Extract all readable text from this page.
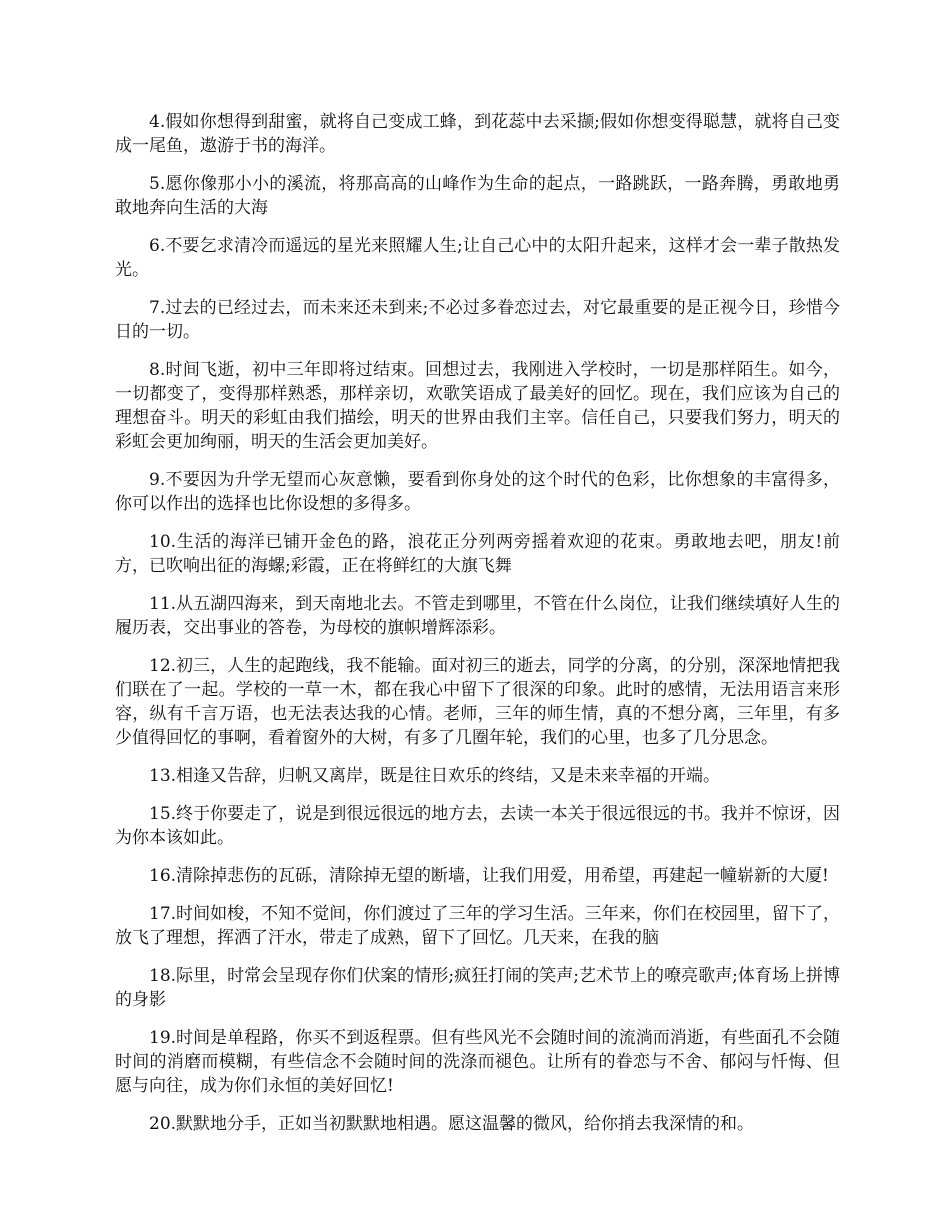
4.假如你想得到甜蜜，就将自己变成工蜂，到花蕊中去采撷;假如你想变得聪慧，就将自己变成一尾鱼，遨游于书的海洋。

5.愿你像那小小的溪流，将那高高的山峰作为生命的起点，一路跳跃，一路奔腾，勇敢地勇敢地奔向生活的大海

6.不要乞求清冷而遥远的星光来照耀人生;让自己心中的太阳升起来，这样才会一辈子散热发光。

7.过去的已经过去，而未来还未到来;不必过多眷恋过去，对它最重要的是正视今日，珍惜今日的一切。

8.时间飞逝，初中三年即将过结束。回想过去，我刚进入学校时，一切是那样陌生。如今，一切都变了，变得那样熟悉，那样亲切，欢歌笑语成了最美好的回忆。现在，我们应该为自己的理想奋斗。明天的彩虹由我们描绘，明天的世界由我们主宰。信任自己，只要我们努力，明天的彩虹会更加绚丽，明天的生活会更加美好。

9.不要因为升学无望而心灰意懒，要看到你身处的这个时代的色彩，比你想象的丰富得多，你可以作出的选择也比你设想的多得多。

10.生活的海洋已铺开金色的路，浪花正分列两旁摇着欢迎的花束。勇敢地去吧，朋友!前方，已吹响出征的海螺;彩霞，正在将鲜红的大旗飞舞

11.从五湖四海来，到天南地北去。不管走到哪里，不管在什么岗位，让我们继续填好人生的履历表，交出事业的答卷，为母校的旗帜增辉添彩。

12.初三，人生的起跑线，我不能输。面对初三的逝去，同学的分离，的分别，深深地情把我们联在了一起。学校的一草一木，都在我心中留下了很深的印象。此时的感情，无法用语言来形容，纵有千言万语，也无法表达我的心情。老师，三年的师生情，真的不想分离，三年里，有多少值得回忆的事啊，看着窗外的大树，有多了几圈年轮，我们的心里，也多了几分思念。

13.相逢又告辞，归帆又离岸，既是往日欢乐的终结，又是未来幸福的开端。

15.终于你要走了，说是到很远很远的地方去，去读一本关于很远很远的书。我并不惊讶，因为你本该如此。

16.清除掉悲伤的瓦砾，清除掉无望的断墙，让我们用爱，用希望，再建起一幢崭新的大厦!

17.时间如梭，不知不觉间，你们渡过了三年的学习生活。三年来，你们在校园里，留下了，放飞了理想，挥洒了汗水，带走了成熟，留下了回忆。几天来，在我的脑

18.际里，时常会呈现存你们伏案的情形;疯狂打闹的笑声;艺术节上的嘹亮歌声;体育场上拼博的身影

19.时间是单程路，你买不到返程票。但有些风光不会随时间的流淌而消逝，有些面孔不会随时间的消磨而模糊，有些信念不会随时间的洗涤而褪色。让所有的眷恋与不舍、郁闷与忏悔、但愿与向往，成为你们永恒的美好回忆!

20.默默地分手，正如当初默默地相遇。愿这温馨的微风，给你捎去我深情的和。
